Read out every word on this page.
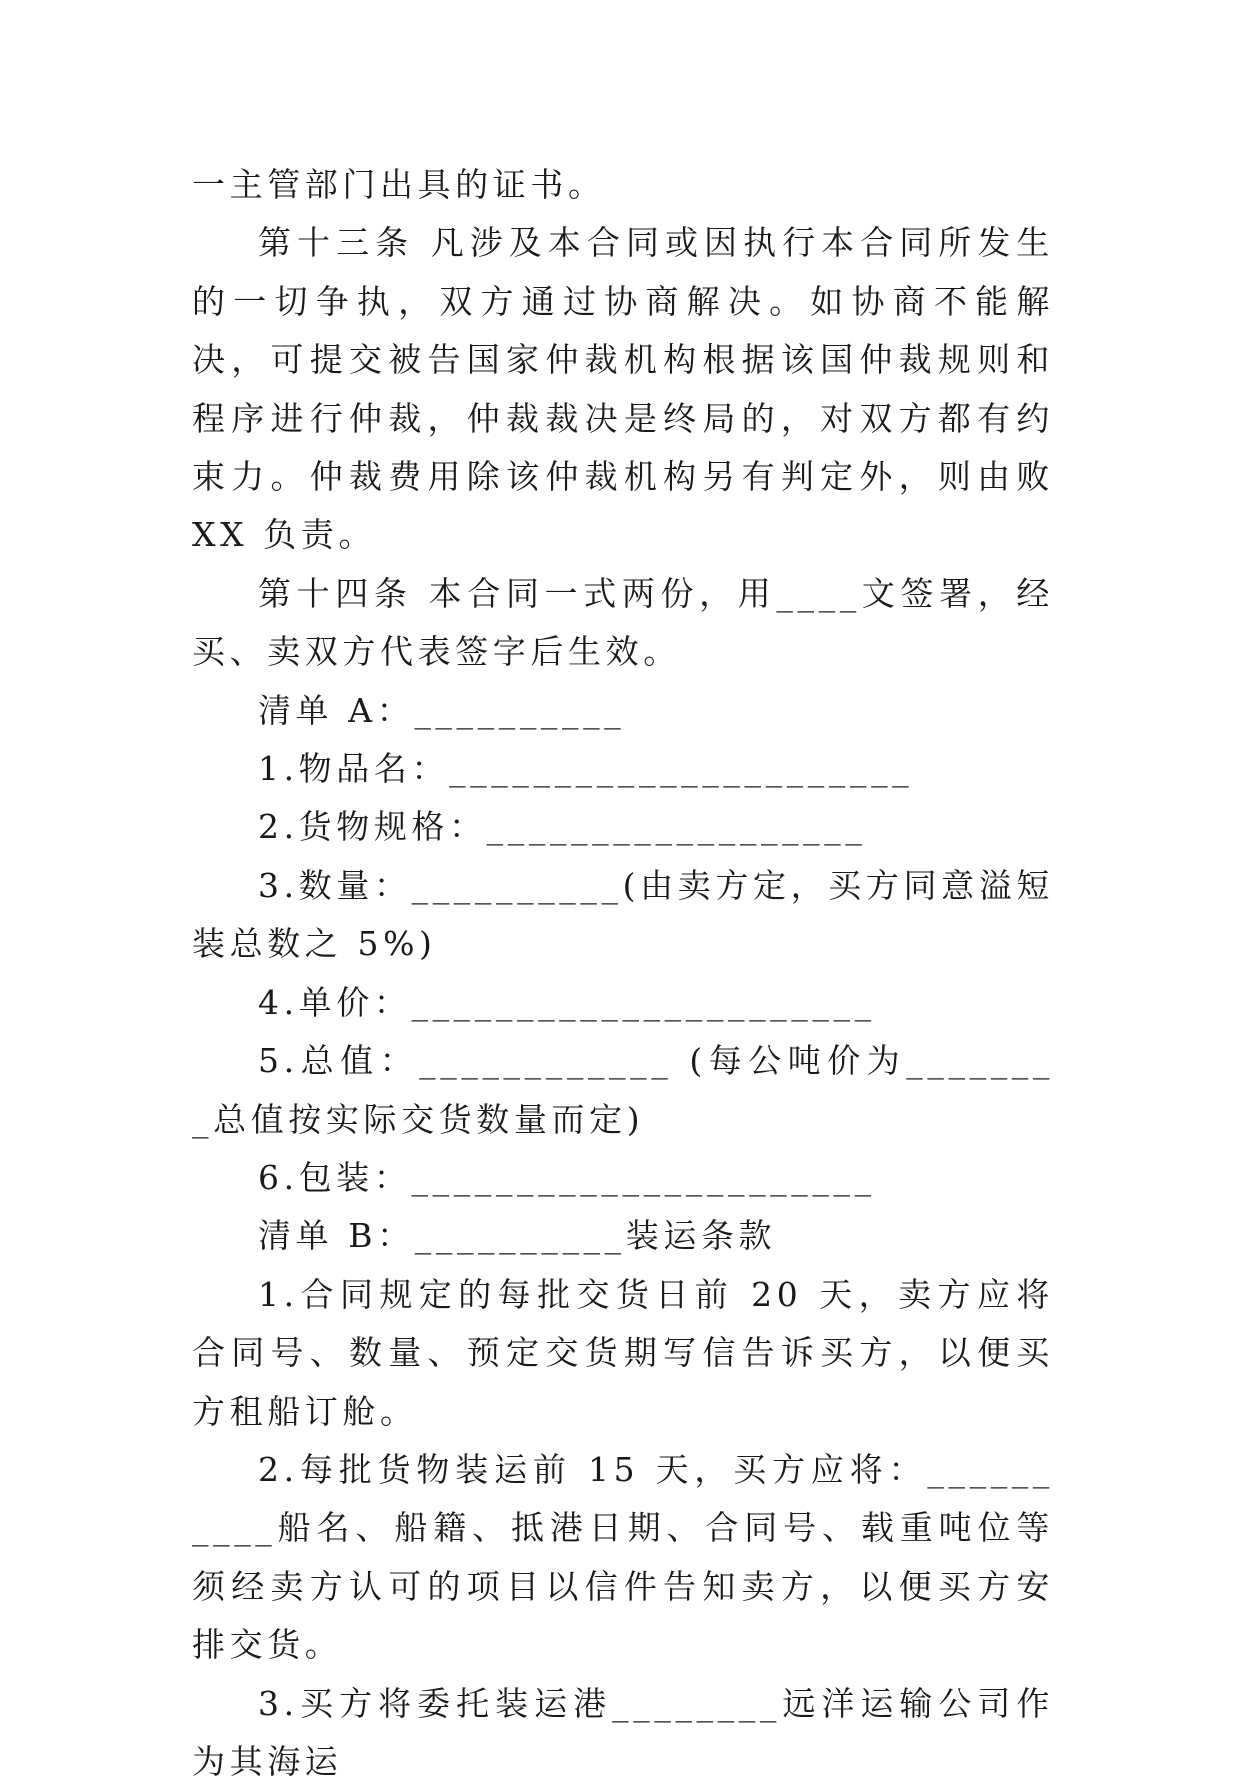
一主管部门出具的证书。

第十三条 凡涉及本合同或因执行本合同所发生的一切争执，双方通过协商解决。如协商不能解决，可提交被告国家仲裁机构根据该国仲裁规则和程序进行仲裁，仲裁裁决是终局的，对双方都有约束力。仲裁费用除该仲裁机构另有判定外，则由败 XX 负责。

第十四条 本合同一式两份，用____文签署，经买、卖双方代表签字后生效。

清单 A：__________

1.物品名：______________________

2.货物规格：__________________

3.数量：__________(由卖方定，买方同意溢短装总数之 5%)

4.单价：______________________

5.总值：____________ (每公吨价为________总值按实际交货数量而定)

6.包装：______________________

清单 B：__________装运条款

1.合同规定的每批交货日前 20 天，卖方应将合同号、数量、预定交货期写信告诉买方，以便买方租船订舱。

2.每批货物装运前 15 天，买方应将：__________船名、船籍、抵港日期、合同号、载重吨位等须经卖方认可的项目以信件告知卖方，以便买方安排交货。

3.买方将委托装运港________远洋运输公司作为其海运
